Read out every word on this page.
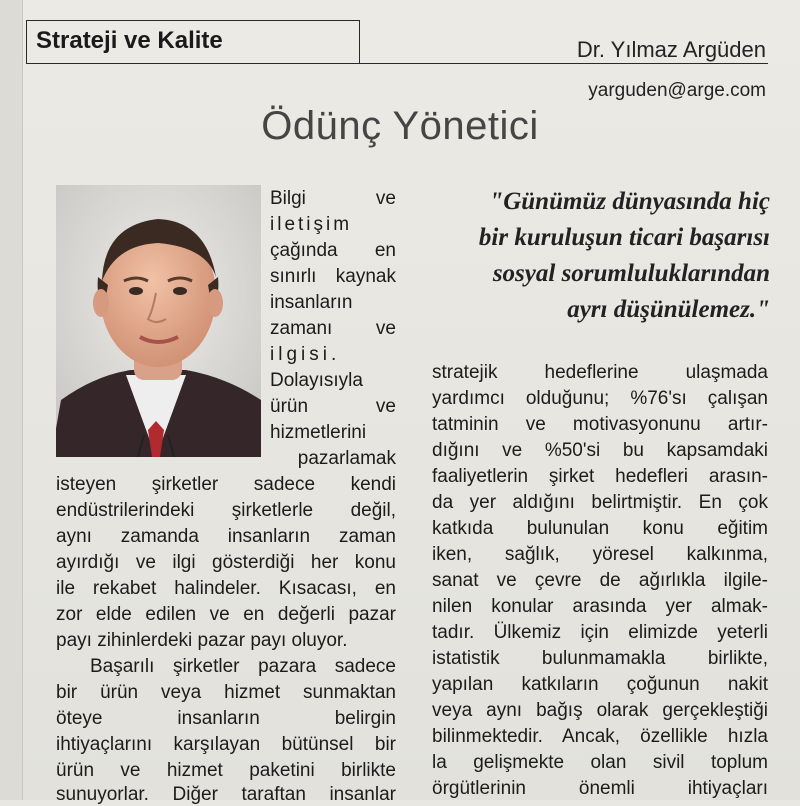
Strateji ve Kalite	Dr. Yılmaz Argüden
yarguden@arge.com
Ödünç Yönetici
"Günümüz dünyasında hiç
bir kuruluşun ticari başarısı
sosyal sorumluluklarından
ayrı düşünülemez."
Bilgi ve
iletişim
çağında en
sınırlı kaynak
insanların
zamanı ve
ilgisi.
Dolayısıyla
ürün ve
hizmetlerini
pazarlamak
isteyen şirketler sadece kendi
endüstrilerindeki şirketlerle değil,
aynı zamanda insanların zaman
ayırdığı ve ilgi gösterdiği her konu
ile rekabet halindeler. Kısacası, en
zor elde edilen ve en değerli pazar
payı zihinlerdeki pazar payı oluyor.
Başarılı şirketler pazara sadece
bir ürün veya hizmet sunmaktan
öteye insanların belirgin
ihtiyaçlarını karşılayan bütünsel bir
ürün ve hizmet paketini birlikte
sunuyorlar. Diğer taraftan insanlar
stratejik hedeflerine ulaşmada
yardımcı olduğunu; %76'sı çalışan
tatminin ve motivasyonunu artır-
dığını ve %50'si bu kapsamdaki
faaliyetlerin şirket hedefleri arasın-
da yer aldığını belirtmiştir. En çok
katkıda bulunulan konu eğitim
iken, sağlık, yöresel kalkınma,
sanat ve çevre de ağırlıkla ilgile-
nilen konular arasında yer almak-
tadır. Ülkemiz için elimizde yeterli
istatistik bulunmamakla birlikte,
yapılan katkıların çoğunun nakit
veya aynı bağış olarak gerçekleştiği
bilinmektedir. Ancak, özellikle hızla
la gelişmekte olan sivil toplum
örgütlerinin önemli ihtiyaçları
